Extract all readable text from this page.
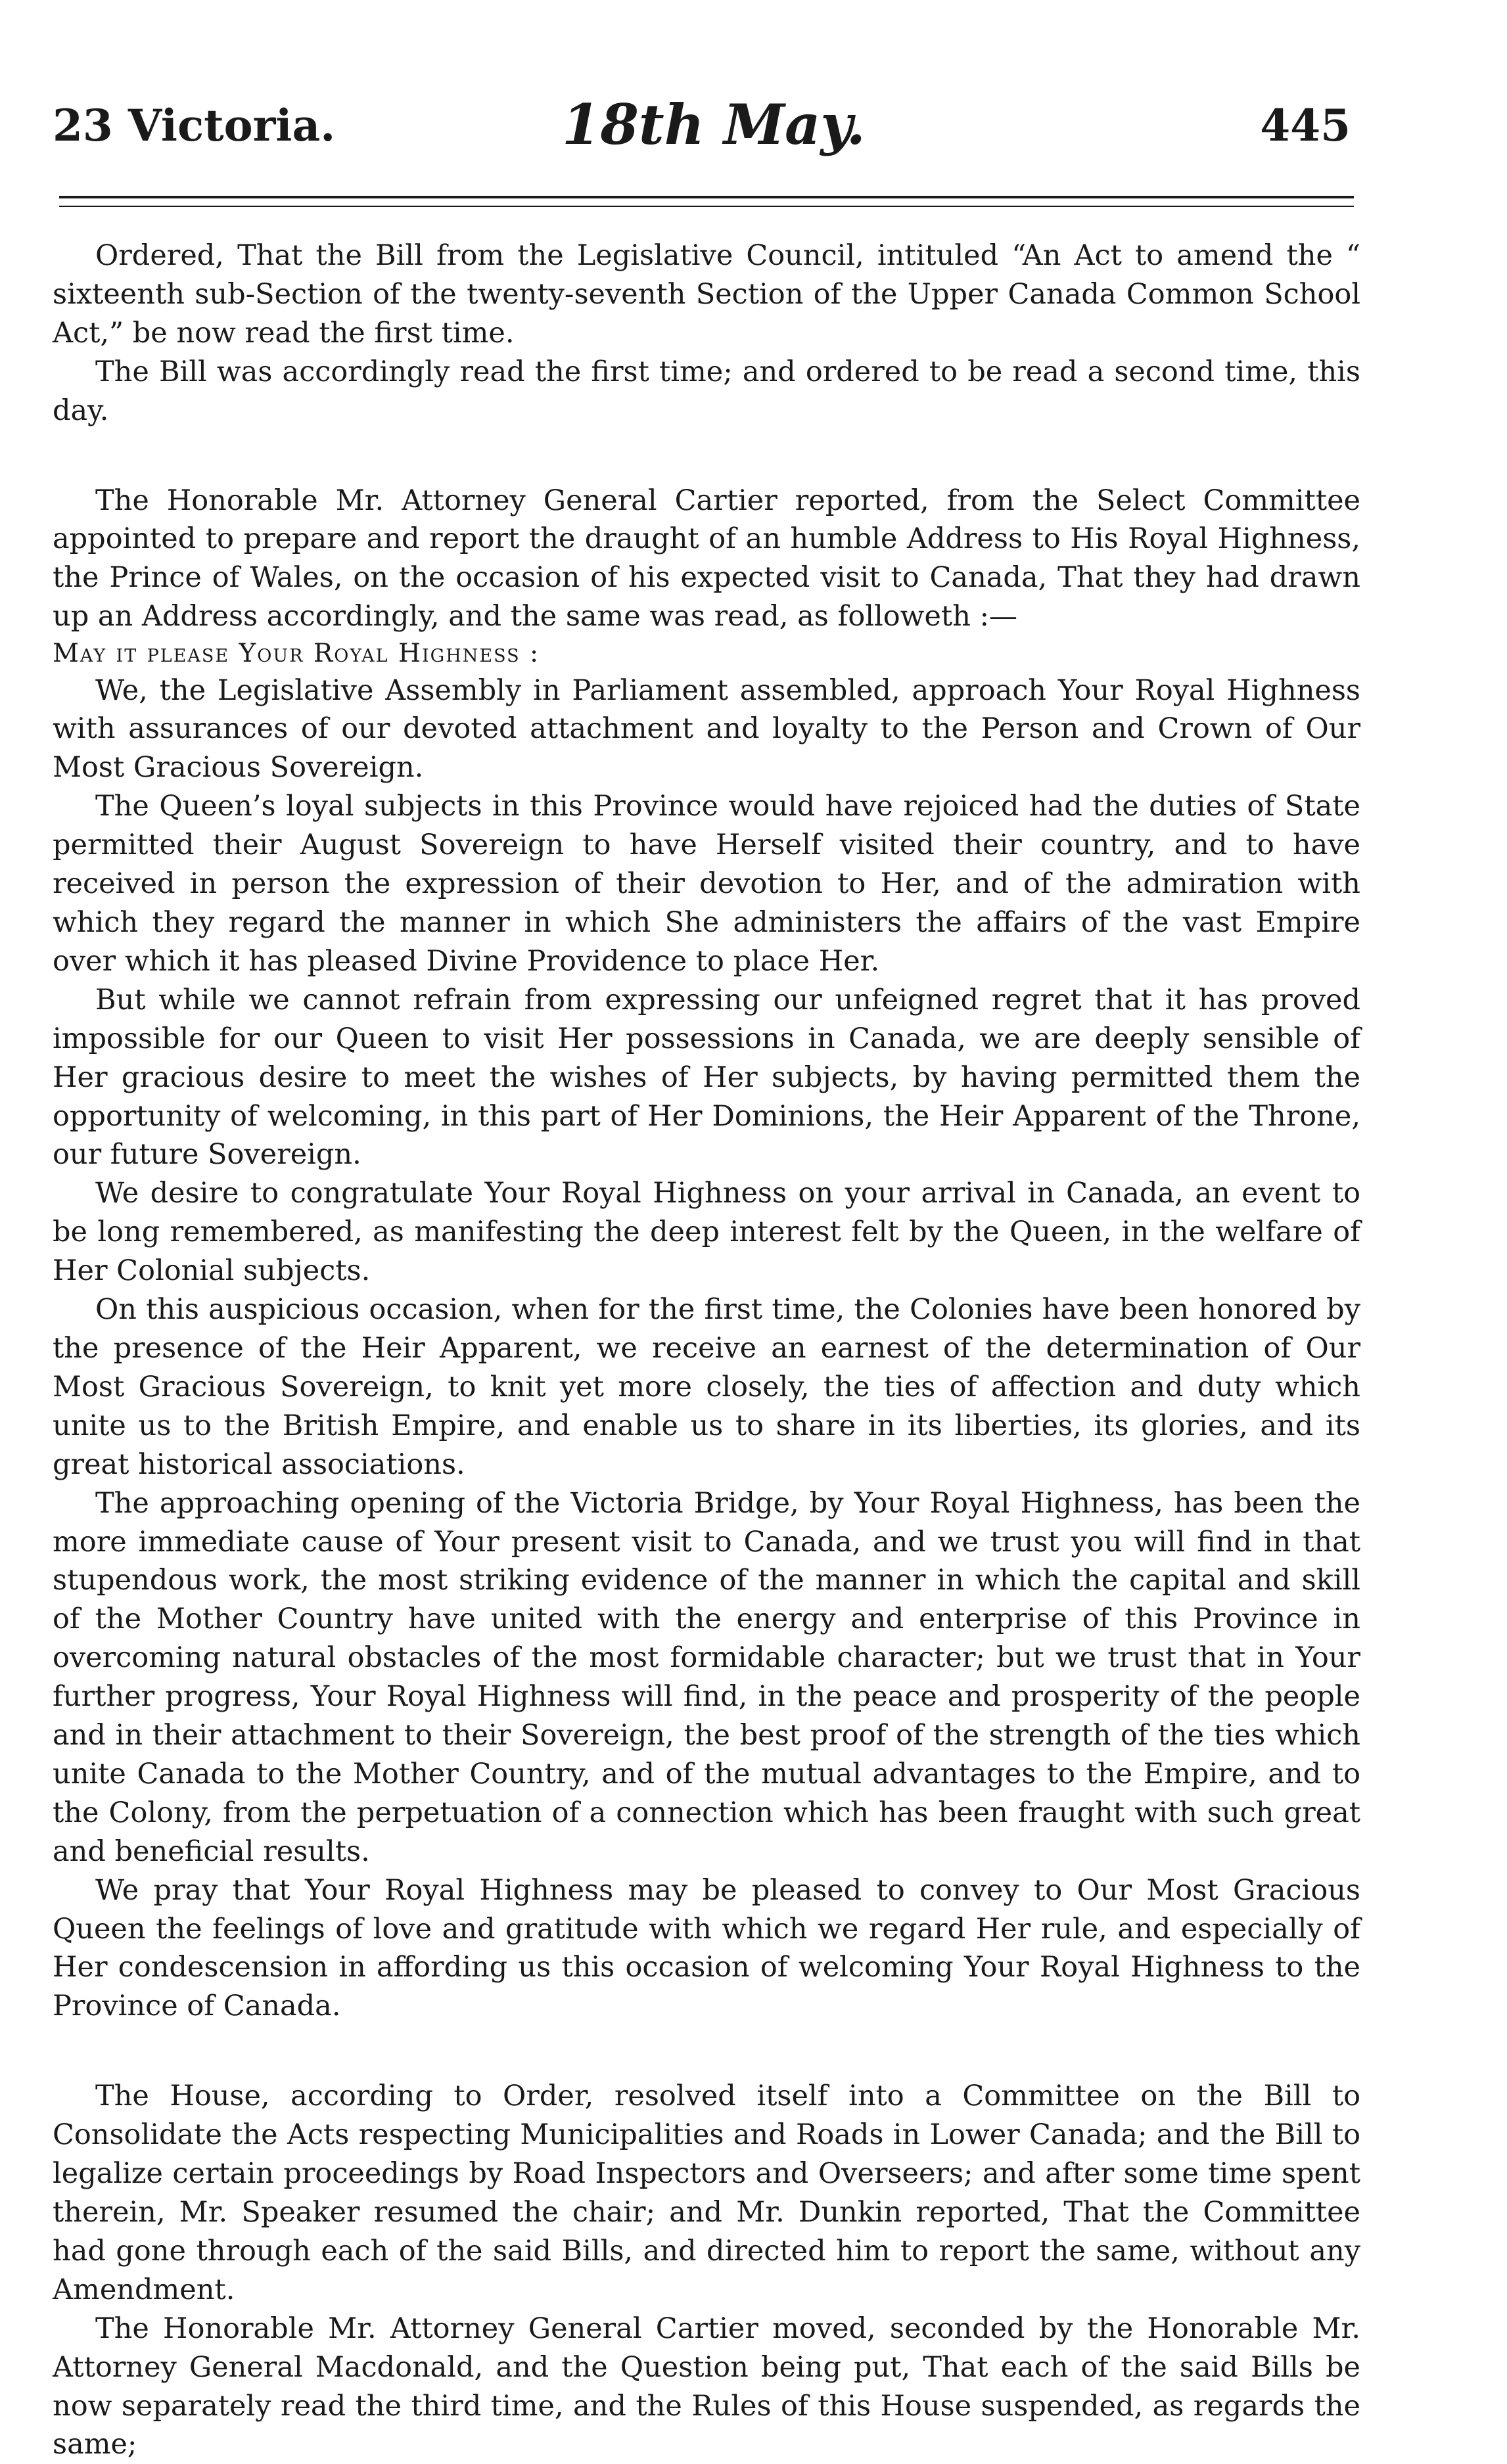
23 Victoria.	18th May.	445

Ordered, That the Bill from the Legislative Council, intituled “An Act to amend the “ sixteenth sub-Section of the twenty-seventh Section of the Upper Canada Common School Act,” be now read the first time.

The Bill was accordingly read the first time; and ordered to be read a second time, this day.

The Honorable Mr. Attorney General Cartier reported, from the Select Committee appointed to prepare and report the draught of an humble Address to His Royal Highness, the Prince of Wales, on the occasion of his expected visit to Canada, That they had drawn up an Address accordingly, and the same was read, as followeth :—

May it please Your Royal Highness :

We, the Legislative Assembly in Parliament assembled, approach Your Royal Highness with assurances of our devoted attachment and loyalty to the Person and Crown of Our Most Gracious Sovereign.

The Queen’s loyal subjects in this Province would have rejoiced had the duties of State permitted their August Sovereign to have Herself visited their country, and to have received in person the expression of their devotion to Her, and of the admiration with which they regard the manner in which She administers the affairs of the vast Empire over which it has pleased Divine Providence to place Her.

But while we cannot refrain from expressing our unfeigned regret that it has proved impossible for our Queen to visit Her possessions in Canada, we are deeply sensible of Her gracious desire to meet the wishes of Her subjects, by having permitted them the opportunity of welcoming, in this part of Her Dominions, the Heir Apparent of the Throne, our future Sovereign.

We desire to congratulate Your Royal Highness on your arrival in Canada, an event to be long remembered, as manifesting the deep interest felt by the Queen, in the welfare of Her Colonial subjects.

On this auspicious occasion, when for the first time, the Colonies have been honored by the presence of the Heir Apparent, we receive an earnest of the determination of Our Most Gracious Sovereign, to knit yet more closely, the ties of affection and duty which unite us to the British Empire, and enable us to share in its liberties, its glories, and its great historical associations.

The approaching opening of the Victoria Bridge, by Your Royal Highness, has been the more immediate cause of Your present visit to Canada, and we trust you will find in that stupendous work, the most striking evidence of the manner in which the capital and skill of the Mother Country have united with the energy and enterprise of this Province in overcoming natural obstacles of the most formidable character; but we trust that in Your further progress, Your Royal Highness will find, in the peace and prosperity of the people and in their attachment to their Sovereign, the best proof of the strength of the ties which unite Canada to the Mother Country, and of the mutual advantages to the Empire, and to the Colony, from the perpetuation of a connection which has been fraught with such great and beneficial results.

We pray that Your Royal Highness may be pleased to convey to Our Most Gracious Queen the feelings of love and gratitude with which we regard Her rule, and especially of Her condescension in affording us this occasion of welcoming Your Royal Highness to the Province of Canada.

The House, according to Order, resolved itself into a Committee on the Bill to Consolidate the Acts respecting Municipalities and Roads in Lower Canada; and the Bill to legalize certain proceedings by Road Inspectors and Overseers; and after some time spent therein, Mr. Speaker resumed the chair; and Mr. Dunkin reported, That the Committee had gone through each of the said Bills, and directed him to report the same, without any Amendment.

The Honorable Mr. Attorney General Cartier moved, seconded by the Honorable Mr. Attorney General Macdonald, and the Question being put, That each of the said Bills be now separately read the third time, and the Rules of this House suspended, as regards the same;
